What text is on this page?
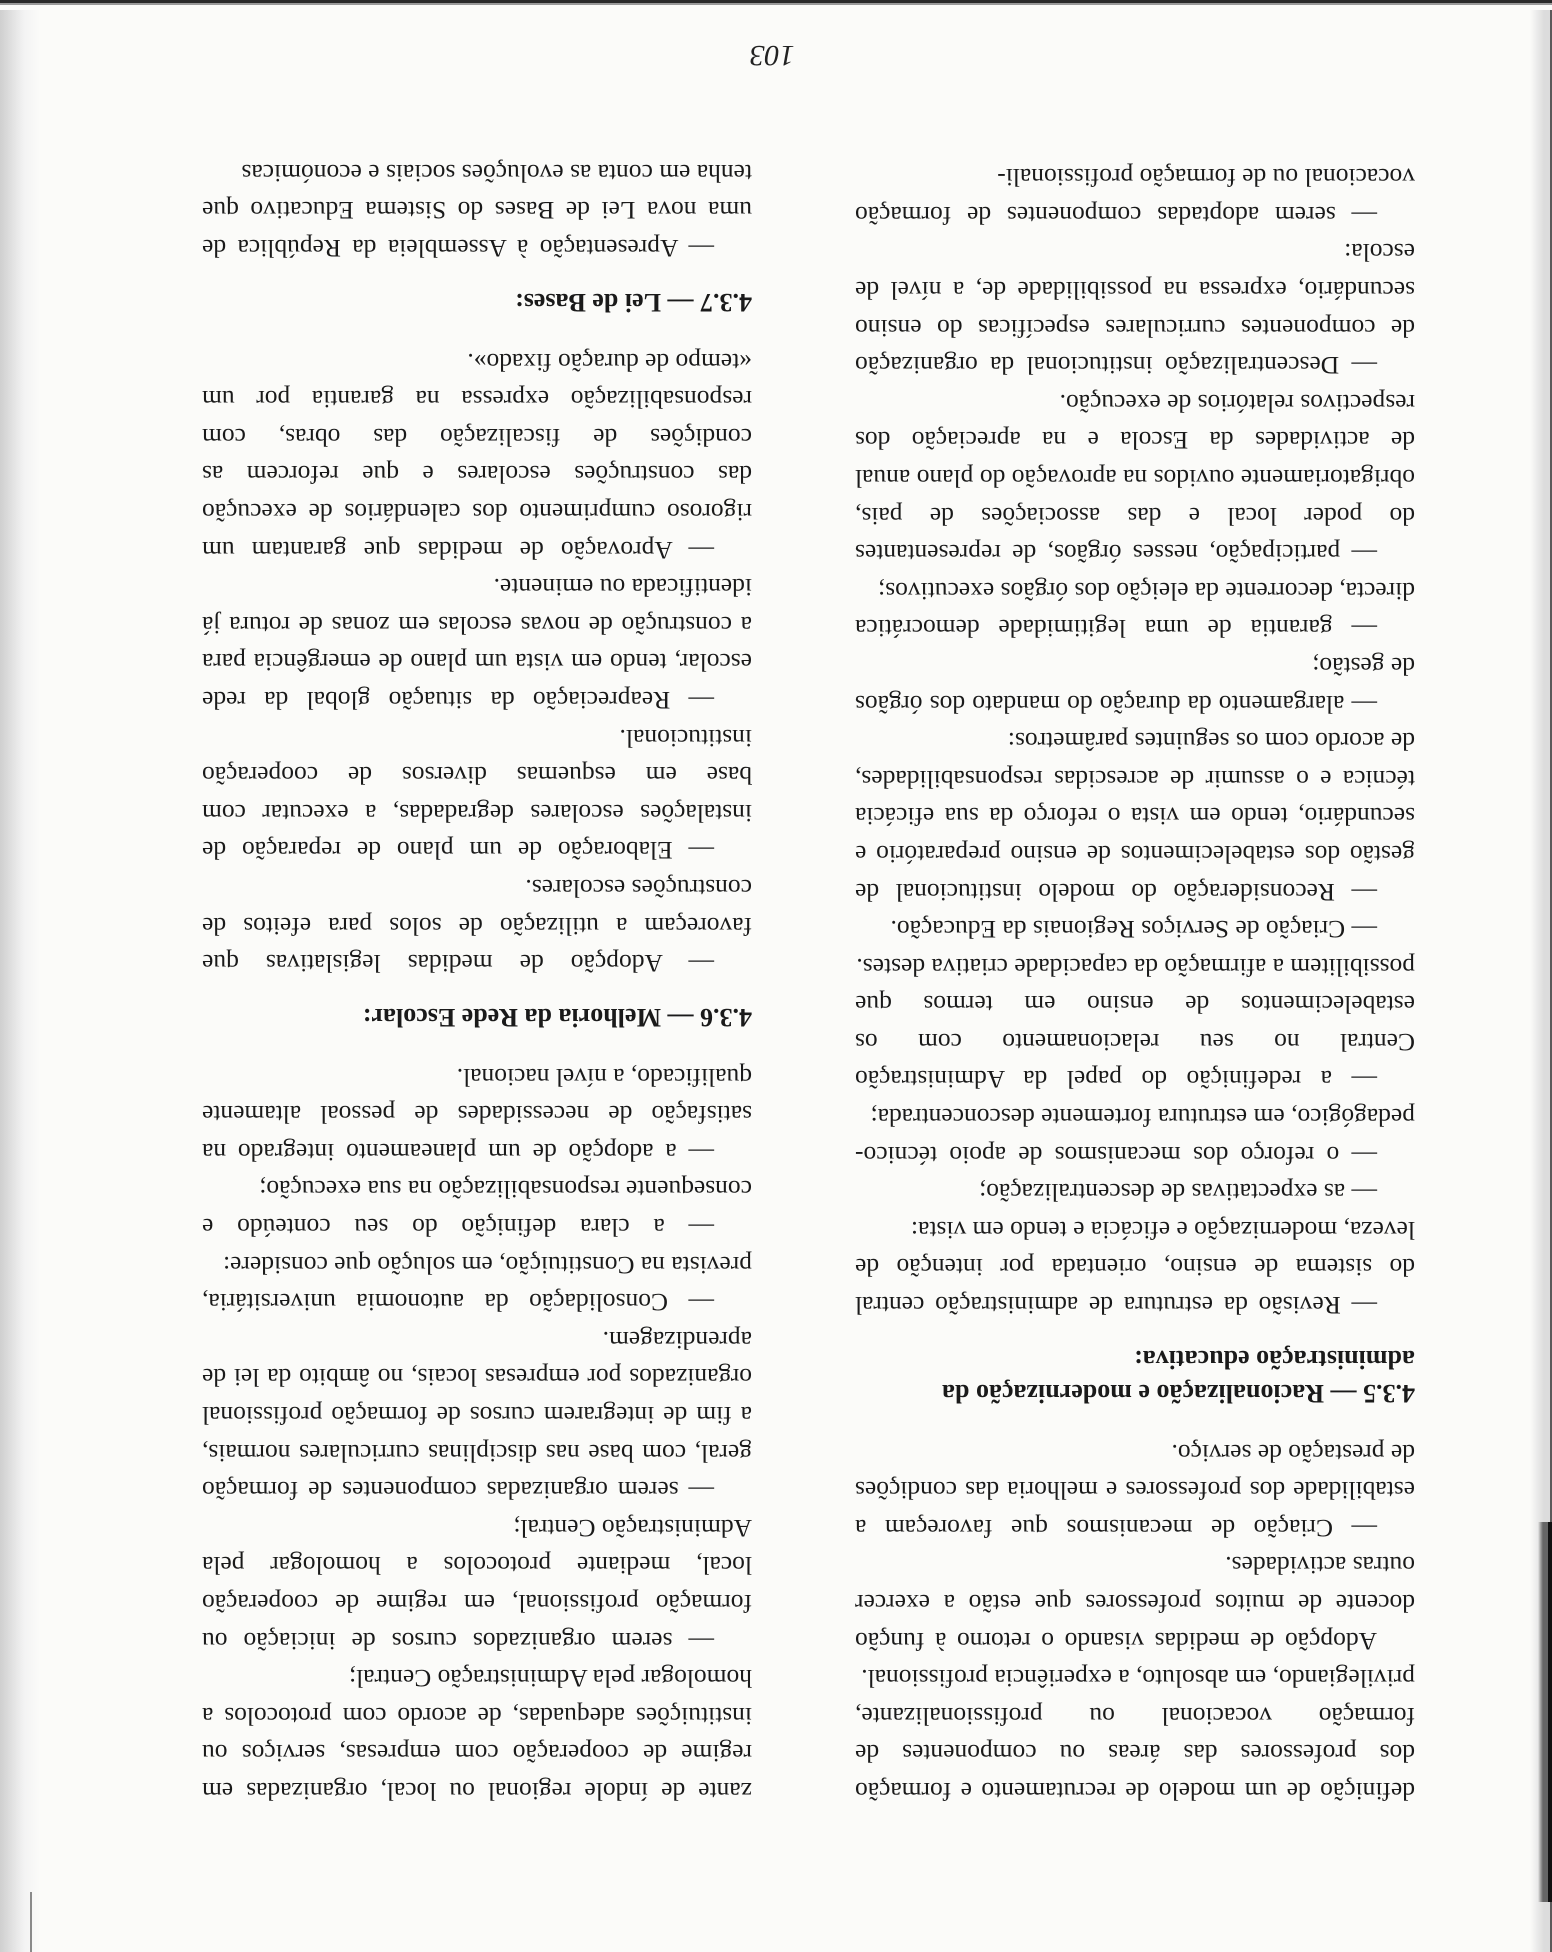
definição de um modelo de recrutamento e formação dos professores das áreas ou componentes de formação vocacional ou profissionalizante, privilegiando, em absoluto, a experiência profissional.

Adopção de medidas visando o retorno à função docente de muitos professores que estão a exercer outras actividades.

— Criação de mecanismos que favoreçam a estabilidade dos professores e melhoria das condições de prestação de serviço.

4.3.5 — Racionalização e modernização da administração educativa:

— Revisão da estrutura de administração central do sistema de ensino, orientada por intenção de leveza, modernização e eficácia e tendo em vista:

— as expectativas de descentralização;

— o reforço dos mecanismos de apoio técnico-pedagógico, em estrutura fortemente desconcentrada;

— a redefinição do papel da Administração Central no seu relacionamento com os estabelecimentos de ensino em termos que possibilitem a afirmação da capacidade criativa destes.

— Criação de Serviços Regionais da Educação.

— Reconsideração do modelo institucional de gestão dos estabelecimentos de ensino preparatório e secundário, tendo em vista o reforço da sua eficácia técnica e o assumir de acrescidas responsabilidades, de acordo com os seguintes parâmetros:

— alargamento da duração do mandato dos órgãos de gestão;

— garantia de uma legitimidade democrática directa, decorrente da eleição dos órgãos executivos;

— participação, nesses órgãos, de representantes do poder local e das associações de pais, obrigatoriamente ouvidos na aprovação do plano anual de actividades da Escola e na apreciação dos respectivos relatórios de execução.

— Descentralização institucional da organização de componentes curriculares específicas do ensino secundário, expressa na possibilidade de, a nível de escola:

— serem adoptadas componentes de formação vocacional ou de formação profissionali-

zante de índole regional ou local, organizadas em regime de cooperação com empresas, serviços ou instituições adequadas, de acordo com protocolos a homologar pela Administração Central;

— serem organizados cursos de iniciação ou formação profissional, em regime de cooperação local, mediante protocolos a homologar pela Administração Central;

— serem organizadas componentes de formação geral, com base nas disciplinas curriculares normais, a fim de integrarem cursos de formação profissional organizados por empresas locais, no âmbito da lei de aprendizagem.

— Consolidação da autonomia universitária, prevista na Constituição, em solução que considere:

— a clara definição do seu conteúdo e consequente responsabilização na sua execução;

— a adopção de um planeamento integrado na satisfação de necessidades de pessoal altamente qualificado, a nível nacional.

4.3.6 — Melhoria da Rede Escolar:

— Adopção de medidas legislativas que favoreçam a utilização de solos para efeitos de construções escolares.

— Elaboração de um plano de reparação de instalações escolares degradadas, a executar com base em esquemas diversos de cooperação institucional.

— Reapreciação da situação global da rede escolar, tendo em vista um plano de emergência para a construção de novas escolas em zonas de rotura já identificada ou eminente.

— Aprovação de medidas que garantam um rigoroso cumprimento dos calendários de execução das construções escolares e que reforcem as condições de fiscalização das obras, com responsabilização expressa na garantia por um «tempo de duração fixado».

4.3.7 — Lei de Bases:

— Apresentação à Assembleia da República de uma nova Lei de Bases do Sistema Educativo que tenha em conta as evoluções sociais e económicas

103
